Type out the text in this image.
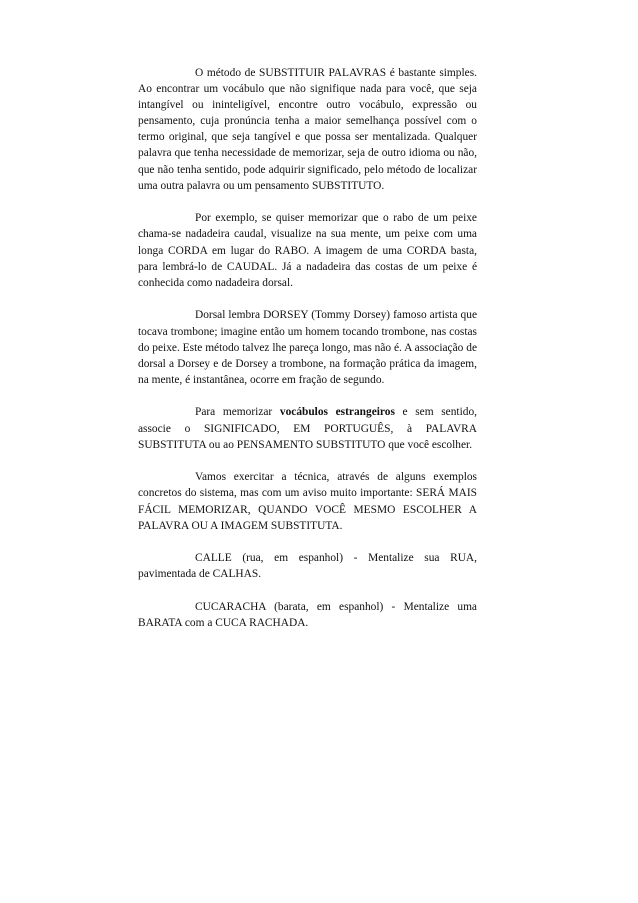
O método de SUBSTITUIR PALAVRAS é bastante simples. Ao encontrar um vocábulo que não signifique nada para você, que seja intangível ou ininteligível, encontre outro vocábulo, expressão ou pensamento, cuja pronúncia tenha a maior semelhança possível com o termo original, que seja tangível e que possa ser mentalizada. Qualquer palavra que tenha necessidade de memorizar, seja de outro idioma ou não, que não tenha sentido, pode adquirir significado, pelo método de localizar uma outra palavra ou um pensamento SUBSTITUTO.

Por exemplo, se quiser memorizar que o rabo de um peixe chama-se nadadeira caudal, visualize na sua mente, um peixe com uma longa CORDA em lugar do RABO. A imagem de uma CORDA basta, para lembrá-lo de CAUDAL. Já a nadadeira das costas de um peixe é conhecida como nadadeira dorsal.

Dorsal lembra DORSEY (Tommy Dorsey) famoso artista que tocava trombone; imagine então um homem tocando trombone, nas costas do peixe. Este método talvez lhe pareça longo, mas não é. A associação de dorsal a Dorsey e de Dorsey a trombone, na formação prática da imagem, na mente, é instantânea, ocorre em fração de segundo.

Para memorizar vocábulos estrangeiros e sem sentido, associe o SIGNIFICADO, EM PORTUGUÊS, à PALAVRA SUBSTITUTA ou ao PENSAMENTO SUBSTITUTO que você escolher.

Vamos exercitar a técnica, através de alguns exemplos concretos do sistema, mas com um aviso muito importante: SERÁ MAIS FÁCIL MEMORIZAR, QUANDO VOCÊ MESMO ESCOLHER A PALAVRA OU A IMAGEM SUBSTITUTA.

CALLE (rua, em espanhol) - Mentalize sua RUA, pavimentada de CALHAS.

CUCARACHA (barata, em espanhol) - Mentalize uma BARATA com a CUCA RACHADA.
